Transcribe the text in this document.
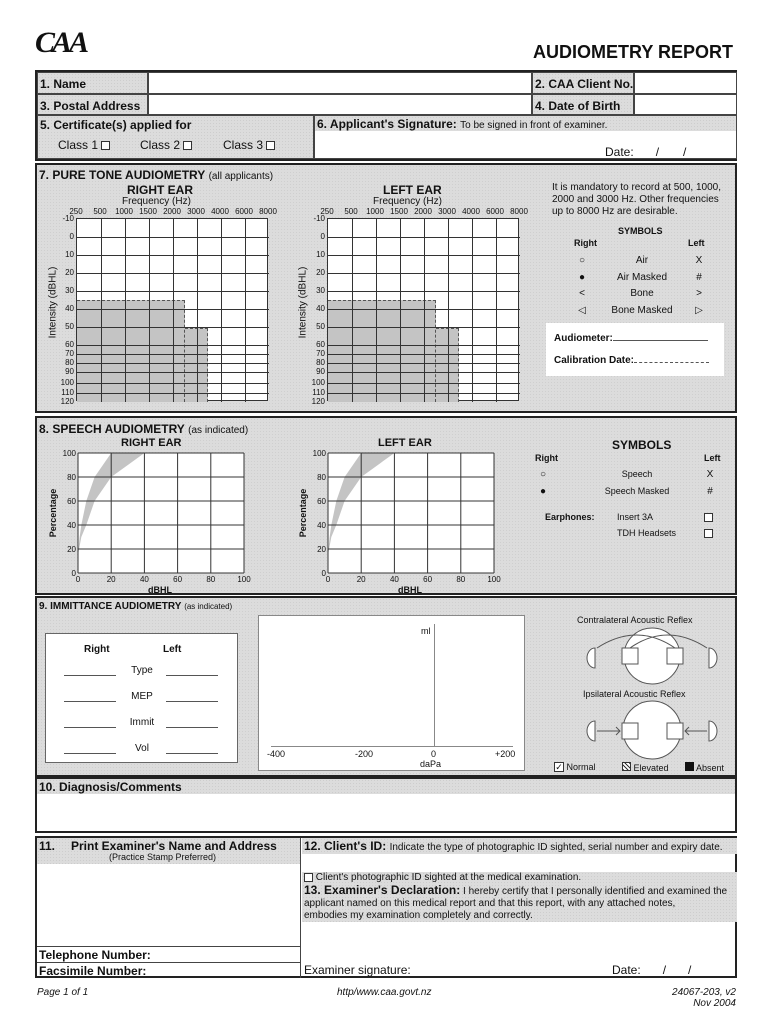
CAA	AUDIOMETRY REPORT
1. Name	2. CAA Client No.
3. Postal Address	4. Date of Birth
5. Certificate(s) applied for
Class 1	Class 2	Class 3
6. Applicant's Signature: To be signed in front of examiner.
Date: / /
7. PURE TONE AUDIOMETRY (all applicants)
RIGHT EAR
Frequency (Hz)
LEFT EAR
Frequency (Hz)
Intensity (dBHL)	Intensity (dBHL)
-10
0
10
20
30
40
50
60
70
80
90
100
110
120
250	500	1000 1500 2000 3000 4000 6000 8000
-10
0
10
20
30
40
50
60
70
80
90
100
110
120
250	500	1000 1500 2000 3000 4000 6000 8000
It is mandatory to record at 500, 1000,
2000 and 3000 Hz. Other frequencies
up to 8000 Hz are desirable.
SYMBOLS
Right	Left
Audiometer:
Calibration Date:
○	Air	X
●	Air Masked	#
<	Bone	>
◁	Bone Masked	▷
8. SPEECH AUDIOMETRY (as indicated)
RIGHT EAR	LEFT EAR	SYMBOLS
Right	Left
Earphones: Insert 3A
TDH Headsets
100
80
60
40
20
0
0	20	40	60	80	100
dBHL
Percentage
100
80
60
40
20
0
0	20	40	60	80	100
dBHL
Percentage
○	Speech	X
●	Speech Masked	#
9. IMMITTANCE AUDIOMETRY (as indicated)
Right	Left
Type
MEP
Immit
Vol
ml
-400	-200	0	+200
daPa
Contralateral Acoustic Reflex
Ipsilateral Acoustic Reflex
✓ Normal	Elevated	Absent
10. Diagnosis/Comments
11. Print Examiner's Name and Address
(Practice Stamp Preferred)
Telephone Number:
Facsimile Number:
12. Client's ID: Indicate the type of photographic ID sighted, serial number and expiry date.
Client's photographic ID sighted at the medical examination.
13. Examiner's Declaration: I hereby certify that I personally identified and examined the
applicant named on this medical report and that this report, with any attached notes,
embodies my examination completely and correctly.
Examiner signature:	Date: / /
Page 1 of 1	http/www.caa.govt.nz	24067-203, v2
Nov 2004
